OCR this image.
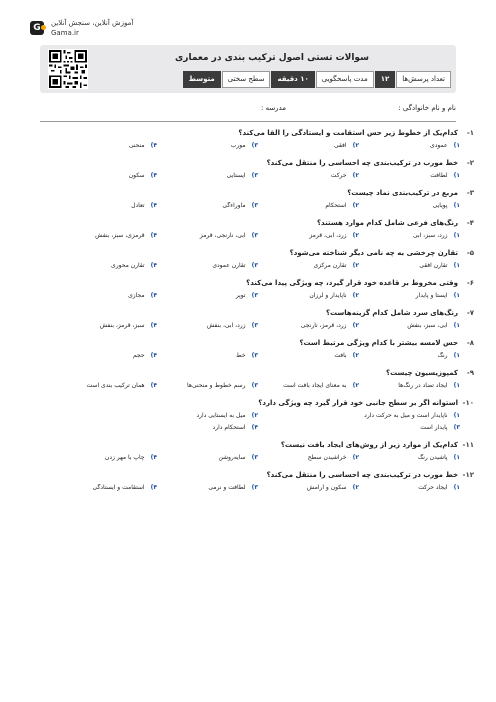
G	آموزش آنلاین، سنجش آنلاین
Gama.ir
سوالات تستی اصول ترکیب بندی در معماری
تعداد پرسش‌ها
۱۲
مدت پاسخگویی
۱۰ دقیقه
سطح سختی
متوسط
نام و نام خانوادگی :
مدرسه :
۱-
کدام‌یک از خطوط زیر حس استقامت و ایستادگی را القا می‌کند؟
۱)
عمودی
۲)
افقی
۳)
مورب
۴)
منحنی
۲-
خط مورب در ترکیب‌بندی چه احساسی را منتقل می‌کند؟
۱)
لطافت
۲)
حرکت
۳)
ایستایی
۴)
سکون
۳-
مربع در ترکیب‌بندی نماد چیست؟
۱)
پویایی
۲)
استحکام
۳)
ماوراءگی
۴)
تعادل
۴-
رنگ‌های فرعی شامل کدام موارد هستند؟
۱)
زرد، سبز، آبی
۲)
زرد، آبی، قرمز
۳)
آبی، نارنجی، قرمز
۴)
قرمزی، سبز، بنفش
۵-
تقارن چرخشی به چه نامی دیگر شناخته می‌شود؟
۱)
تقارن افقی
۲)
تقارن مرکزی
۳)
تقارن عمودی
۴)
تقارن محوری
۶-
وقتی مخروط بر قاعده خود قرار گیرد، چه ویژگی پیدا می‌کند؟
۱)
ایستا و پایدار
۲)
ناپایدار و لرزان
۳)
توپر
۴)
مجازی
۷-
رنگ‌های سرد شامل کدام گزینه‌هاست؟
۱)
آبی، سبز، بنفش
۲)
زرد، قرمز، نارنجی
۳)
زرد، آبی، بنفش
۴)
سبز، قرمز، بنفش
۸-
حس لامسه بیشتر با کدام ویژگی مرتبط است؟
۱)
رنگ
۲)
بافت
۳)
خط
۴)
حجم
۹-
کمپوزیسیون چیست؟
۱)
ایجاد تضاد در رنگ‌ها
۲)
به معنای ایجاد بافت است
۳)
رسم خطوط و منحنی‌ها
۴)
همان ترکیب بندی است
۱۰-
استوانه اگر بر سطح جانبی خود قرار گیرد چه ویژگی دارد؟
۱)
ناپایدار است و میل به حرکت دارد
۲)
میل به ایستایی دارد
۳)
پایدار است
۴)
استحکام دارد
۱۱-
کدام‌یک از موارد زیر از روش‌های ایجاد بافت نیست؟
۱)
پاشیدن رنگ
۲)
خراشیدن سطح
۳)
سایه‌روشن
۴)
چاپ با مهر زدن
۱۲-
خط مورب در ترکیب‌بندی چه احساسی را منتقل می‌کند؟
۱)
ایجاد حرکت
۲)
سکون و آرامش
۳)
لطافت و نرمی
۴)
استقامت و ایستادگی
